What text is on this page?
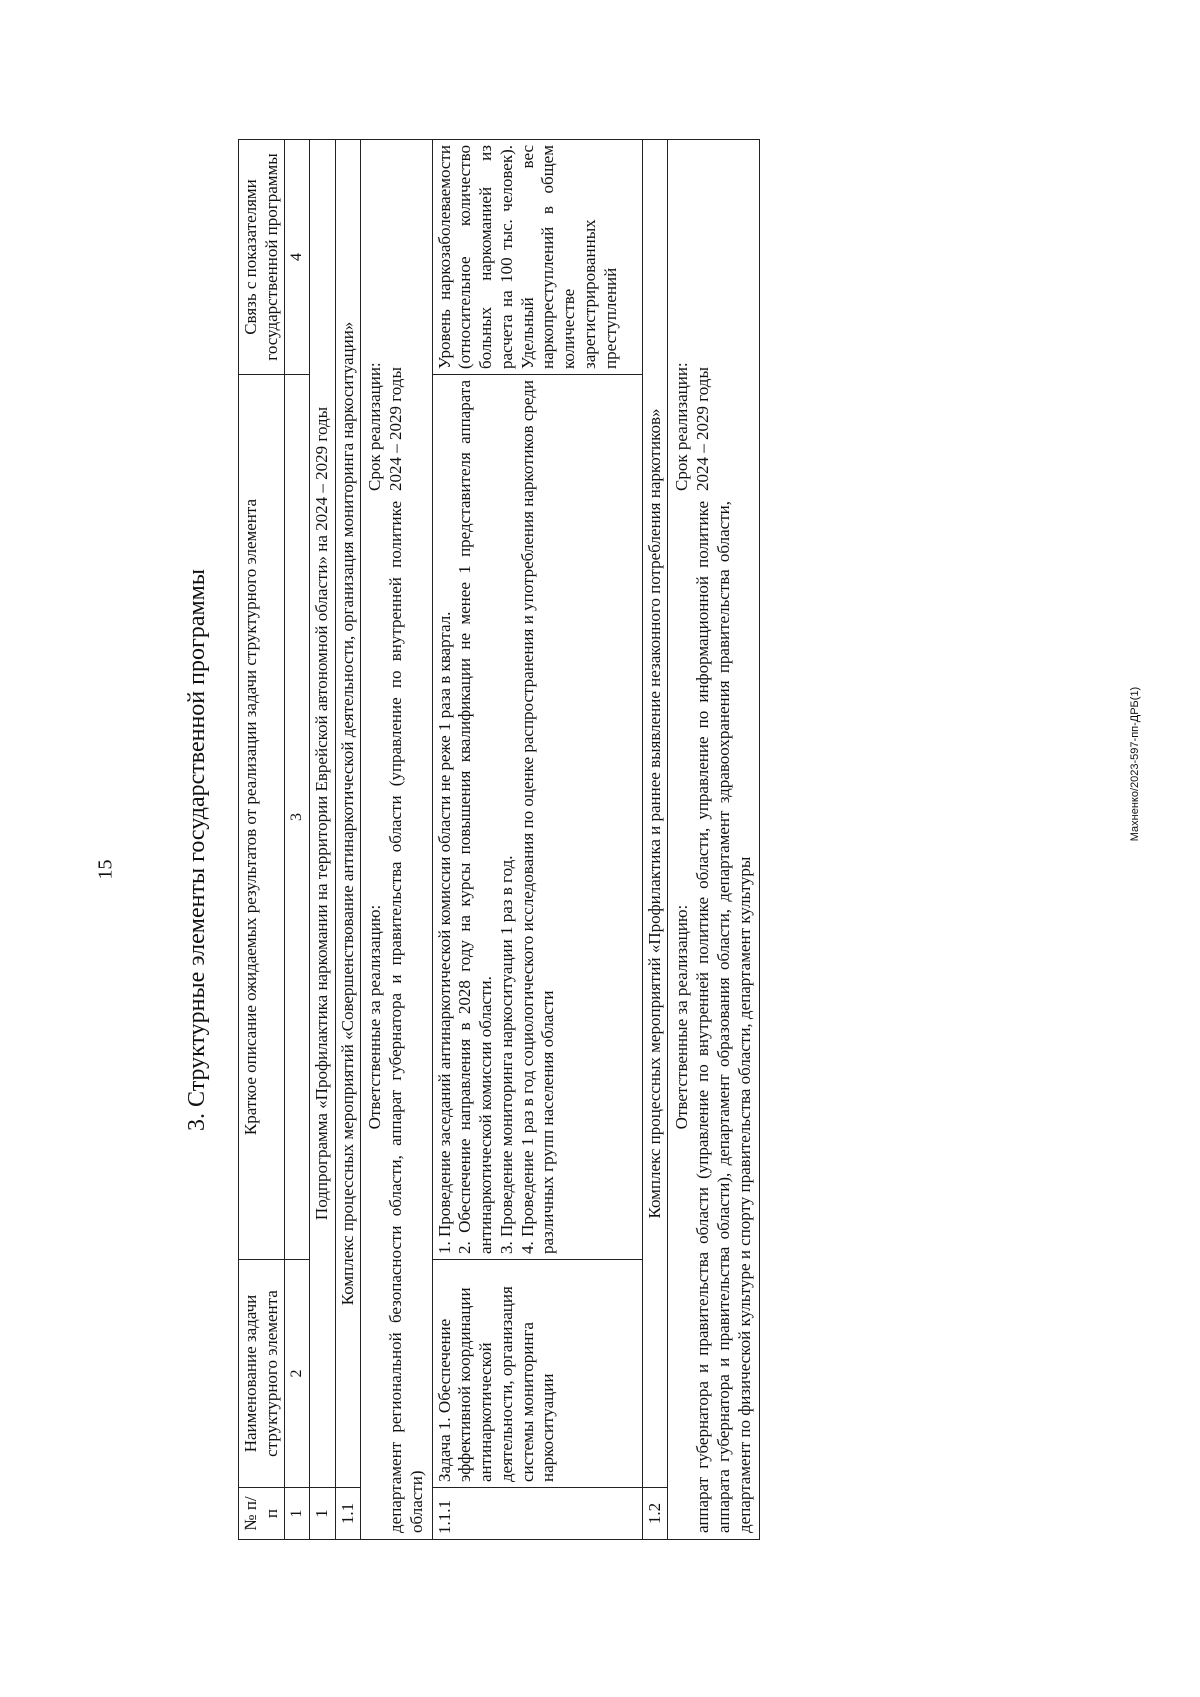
15
Махненко/2023-597-пп-ДРБ(1)
3. Структурные элементы государственной программы
№ п/п	Наименование задачи структурного элемента	Краткое описание ожидаемых результатов от реализации задачи структурного элемента	Связь с показателями государственной программы
1	2	3	4
1	Подпрограмма «Профилактика наркомании на территории Еврейской автономной области» на 2024 – 2029 годы		
1.1	Комплекс процессных мероприятий «Совершенствование антинаркотической деятельности, организация мониторинга наркоситуации»		

Ответственные за реализацию: департамент региональной безопасности области, аппарат губернатора и правительства области (управление по внутренней политике области)
Срок реализации: 2024 – 2029 годы			

1.1.1	Задача 1. Обеспечение эффективной координации антинаркотической деятельности, организация системы мониторинга наркоситуации	1. Проведение заседаний антинаркотической комиссии области не реже 1 раза в квартал. 2. Обеспечение направления в 2028 году на курсы повышения квалификации не менее 1 представителя аппарата антинаркотической комиссии области. 3. Проведение мониторинга наркоситуации 1 раз в год. 4. Проведение 1 раз в год социологического исследования по оценке распространения и употребления наркотиков среди различных групп населения области	Уровень наркозаболеваемости (относительное количество больных наркоманией из расчета на 100 тыс. человек). Удельный вес наркопреступлений в общем количестве зарегистрированных преступлений
1.2	Комплекс процессных мероприятий «Профилактика и раннее выявление незаконного потребления наркотиков»		

Ответственные за реализацию: аппарат губернатора и правительства области (управление по внутренней политике области, управление по информационной политике аппарата губернатора и правительства области), департамент образования области, департамент здравоохранения правительства области, департамент по физической культуре и спорту правительства области, департамент культуры
Срок реализации: 2024 – 2029 годы			
